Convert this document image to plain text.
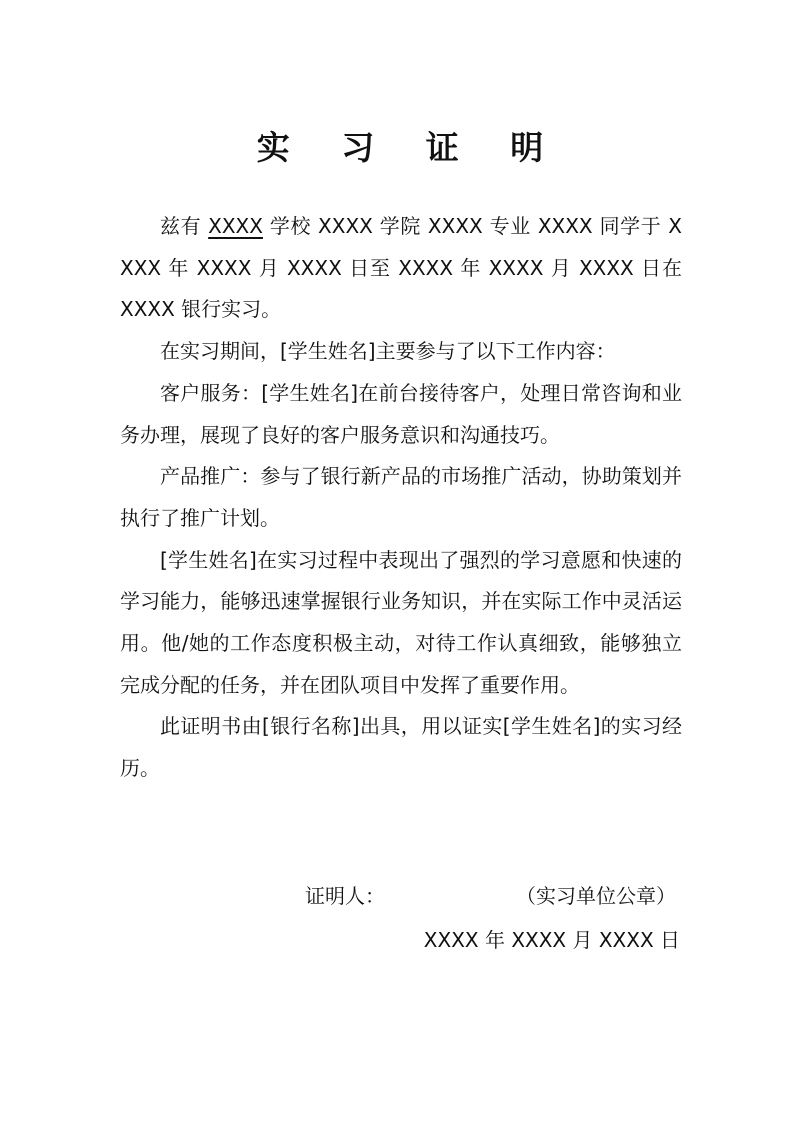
实 习 证 明

兹有 XXXX 学校 XXXX 学院 XXXX 专业 XXXX 同学于 XXXX 年 XXXX 月 XXXX 日至 XXXX 年 XXXX 月 XXXX 日在 XXXX 银行实习。

在实习期间，[学生姓名]主要参与了以下工作内容：

客户服务：[学生姓名]在前台接待客户，处理日常咨询和业务办理，展现了良好的客户服务意识和沟通技巧。

产品推广：参与了银行新产品的市场推广活动，协助策划并执行了推广计划。

[学生姓名]在实习过程中表现出了强烈的学习意愿和快速的学习能力，能够迅速掌握银行业务知识，并在实际工作中灵活运用。他/她的工作态度积极主动，对待工作认真细致，能够独立完成分配的任务，并在团队项目中发挥了重要作用。

此证明书由[银行名称]出具，用以证实[学生姓名]的实习经历。

证明人：	（实习单位公章）
XXXX 年 XXXX 月 XXXX 日
